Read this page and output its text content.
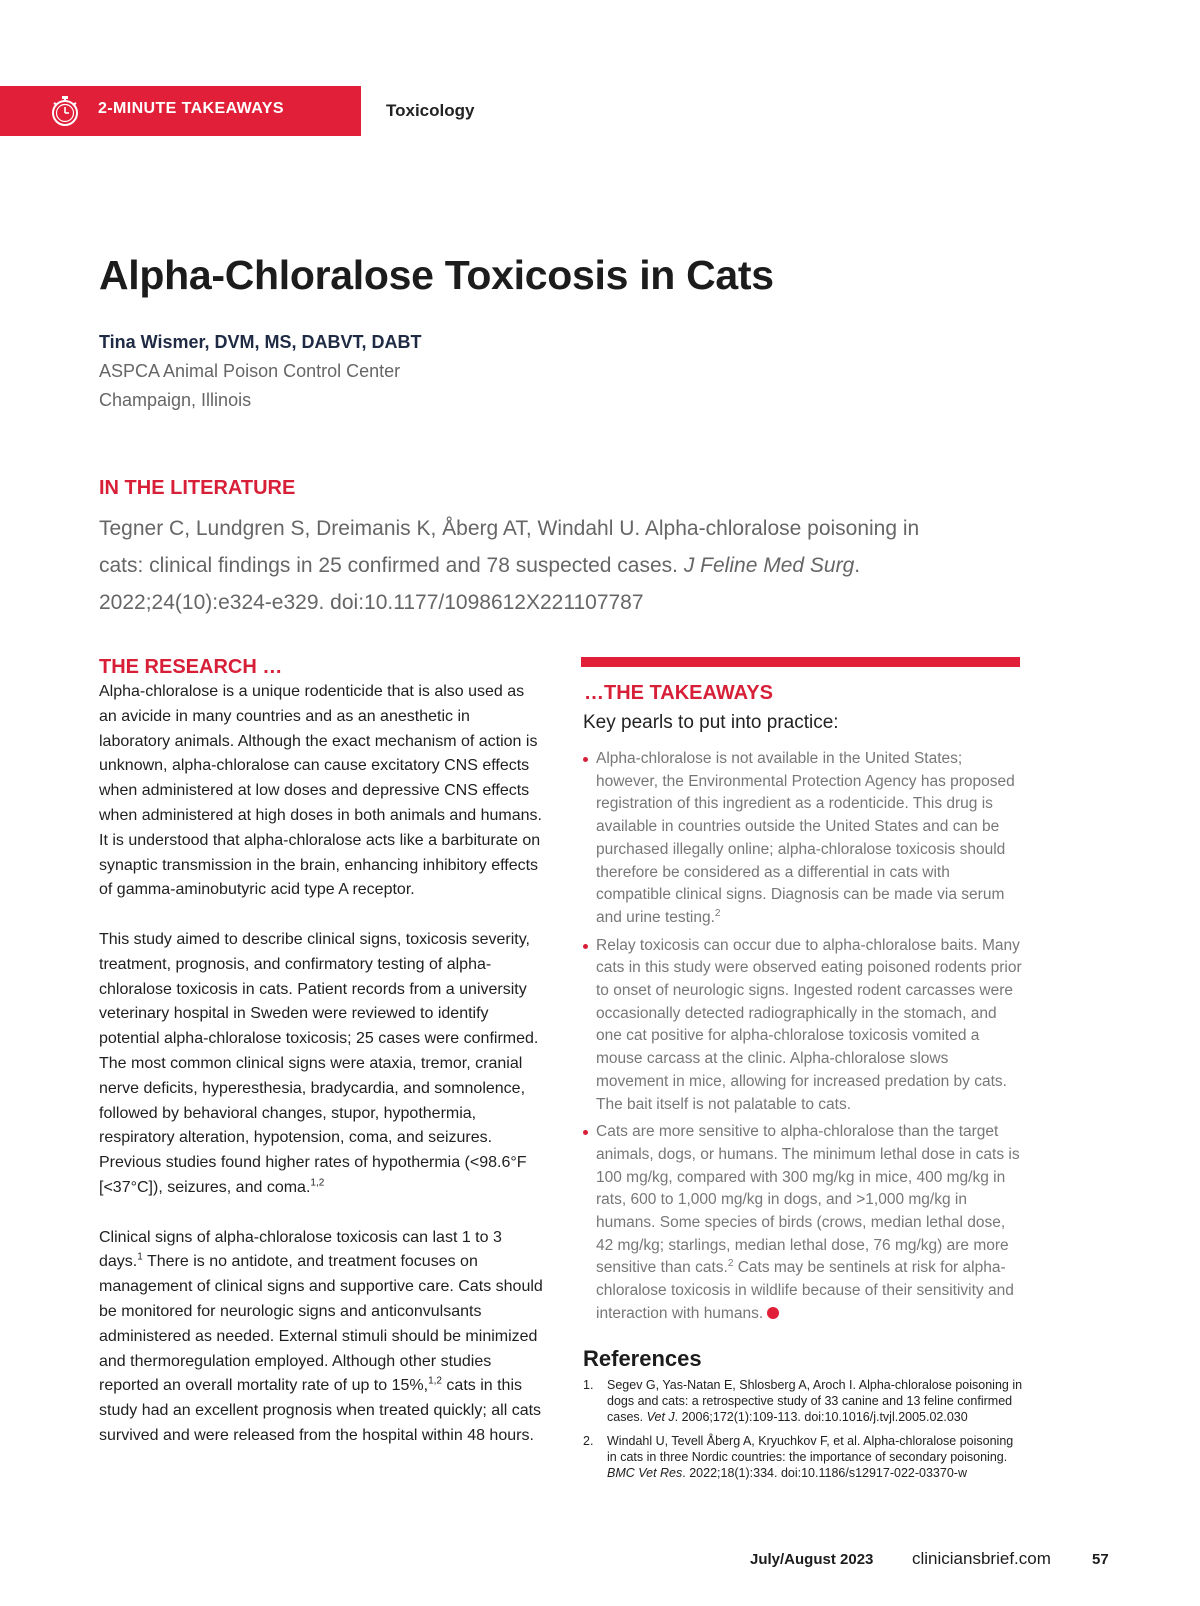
2-MINUTE TAKEAWAYS	Toxicology
Alpha-Chloralose Toxicosis in Cats
Tina Wismer, DVM, MS, DABVT, DABT
ASPCA Animal Poison Control Center
Champaign, Illinois
IN THE LITERATURE
Tegner C, Lundgren S, Dreimanis K, Åberg AT, Windahl U. Alpha-chloralose poisoning in cats: clinical findings in 25 confirmed and 78 suspected cases. J Feline Med Surg. 2022;24(10):e324-e329. doi:10.1177/1098612X221107787
THE RESEARCH …

Alpha-chloralose is a unique rodenticide that is also used as an avicide in many countries and as an anesthetic in laboratory animals. Although the exact mechanism of action is unknown, alpha-chloralose can cause excitatory CNS effects when administered at low doses and depressive CNS effects when administered at high doses in both animals and humans. It is understood that alpha-chloralose acts like a barbiturate on synaptic transmission in the brain, enhancing inhibitory effects of gamma-aminobutyric acid type A receptor.

This study aimed to describe clinical signs, toxicosis severity, treatment, prognosis, and confirmatory testing of alpha-chloralose toxicosis in cats. Patient records from a university veterinary hospital in Sweden were reviewed to identify potential alpha-chloralose toxicosis; 25 cases were confirmed. The most common clinical signs were ataxia, tremor, cranial nerve deficits, hyperesthesia, bradycardia, and somnolence, followed by behavioral changes, stupor, hypothermia, respiratory alteration, hypotension, coma, and seizures. Previous studies found higher rates of hypothermia (<98.6°F [<37°C]), seizures, and coma.$^{1,2}$

Clinical signs of alpha-chloralose toxicosis can last 1 to 3 days.$^1$ There is no antidote, and treatment focuses on management of clinical signs and supportive care. Cats should be monitored for neurologic signs and anticonvulsants administered as needed. External stimuli should be minimized and thermoregulation employed. Although other studies reported an overall mortality rate of up to 15%,$^{1,2}$ cats in this study had an excellent prognosis when treated quickly; all cats survived and were released from the hospital within 48 hours.

…THE TAKEAWAYS
Key pearls to put into practice:
Alpha-chloralose is not available in the United States; however, the Environmental Protection Agency has proposed registration of this ingredient as a rodenticide. This drug is available in countries outside the United States and can be purchased illegally online; alpha-chloralose toxicosis should therefore be considered as a differential in cats with compatible clinical signs. Diagnosis can be made via serum and urine testing.$^2$
Relay toxicosis can occur due to alpha-chloralose baits. Many cats in this study were observed eating poisoned rodents prior to onset of neurologic signs. Ingested rodent carcasses were occasionally detected radiographically in the stomach, and one cat positive for alpha-chloralose toxicosis vomited a mouse carcass at the clinic. Alpha-chloralose slows movement in mice, allowing for increased predation by cats. The bait itself is not palatable to cats.
Cats are more sensitive to alpha-chloralose than the target animals, dogs, or humans. The minimum lethal dose in cats is 100 mg/kg, compared with 300 mg/kg in mice, 400 mg/kg in rats, 600 to 1,000 mg/kg in dogs, and >1,000 mg/kg in humans. Some species of birds (crows, median lethal dose, 42 mg/kg; starlings, median lethal dose, 76 mg/kg) are more sensitive than cats.$^2$ Cats may be sentinels at risk for alpha-chloralose toxicosis in wildlife because of their sensitivity and interaction with humans.
References
1. Segev G, Yas-Natan E, Shlosberg A, Aroch I. Alpha-chloralose poisoning in dogs and cats: a retrospective study of 33 canine and 13 feline confirmed cases. Vet J. 2006;172(1):109-113. doi:10.1016/j.tvjl.2005.02.030
2. Windahl U, Tevell Åberg A, Kryuchkov F, et al. Alpha-chloralose poisoning in cats in three Nordic countries: the importance of secondary poisoning. BMC Vet Res. 2022;18(1):334. doi:10.1186/s12917-022-03370-w
July/August 2023 cliniciansbrief.com	57
